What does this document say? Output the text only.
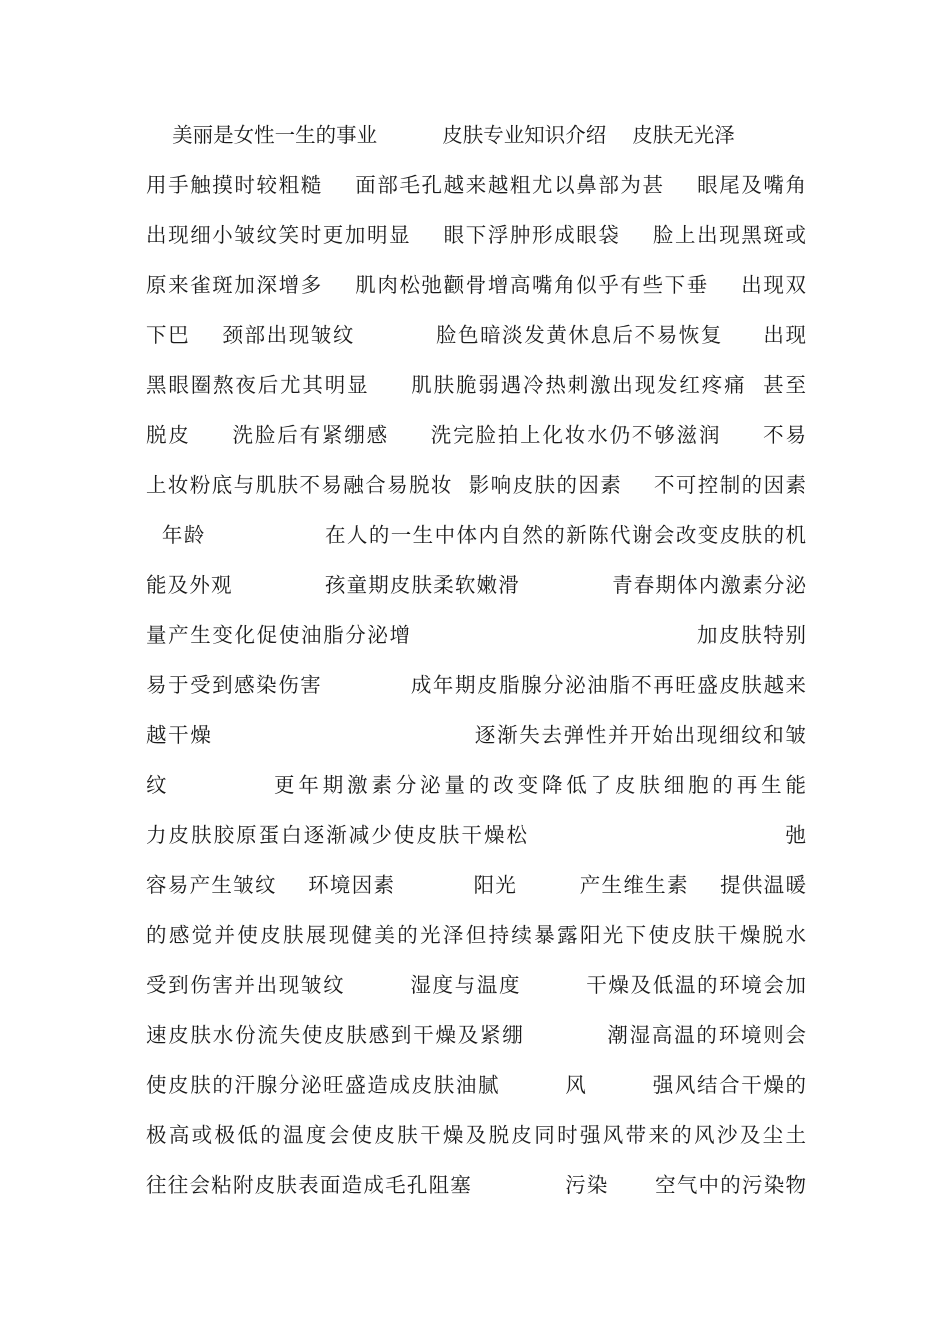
美丽是女性一生的事业          皮肤专业知识介绍    皮肤无光泽
用手触摸时较粗糙    面部毛孔越来越粗尤以鼻部为甚    眼尾及嘴角
出现细小皱纹笑时更加明显    眼下浮肿形成眼袋    脸上出现黑斑或
原来雀斑加深增多    肌肉松弛颧骨增高嘴角似乎有些下垂    出现双
下巴    颈部出现皱纹          脸色暗淡发黄休息后不易恢复     出现
黑眼圈熬夜后尤其明显     肌肤脆弱遇冷热刺激出现发红疼痛  甚至
脱皮     洗脸后有紧绷感     洗完脸拍上化妆水仍不够滋润     不易
上妆粉底与肌肤不易融合易脱妆  影响皮肤的因素    不可控制的因素
年龄               在人的一生中体内自然的新陈代谢会改变皮肤的机
能及外观            孩童期皮肤柔软嫩滑            青春期体内激素分泌
量产生变化促使油脂分泌增                                   加皮肤特别
易于受到感染伤害           成年期皮脂腺分泌油脂不再旺盛皮肤越来
越干燥                                逐渐失去弹性并开始出现细纹和皱
纹          更年期激素分泌量的改变降低了皮肤细胞的再生能
力皮肤胶原蛋白逐渐减少使皮肤干燥松                              弛
容易产生皱纹    环境因素          阳光        产生维生素    提供温暖
的感觉并使皮肤展现健美的光泽但持续暴露阳光下使皮肤干燥脱水
受到伤害并出现皱纹        湿度与温度        干燥及低温的环境会加
速皮肤水份流失使皮肤感到干燥及紧绷          潮湿高温的环境则会
使皮肤的汗腺分泌旺盛造成皮肤油腻        风        强风结合干燥的
极高或极低的温度会使皮肤干燥及脱皮同时强风带来的风沙及尘土
往往会粘附皮肤表面造成毛孔阻塞            污染      空气中的污染物
